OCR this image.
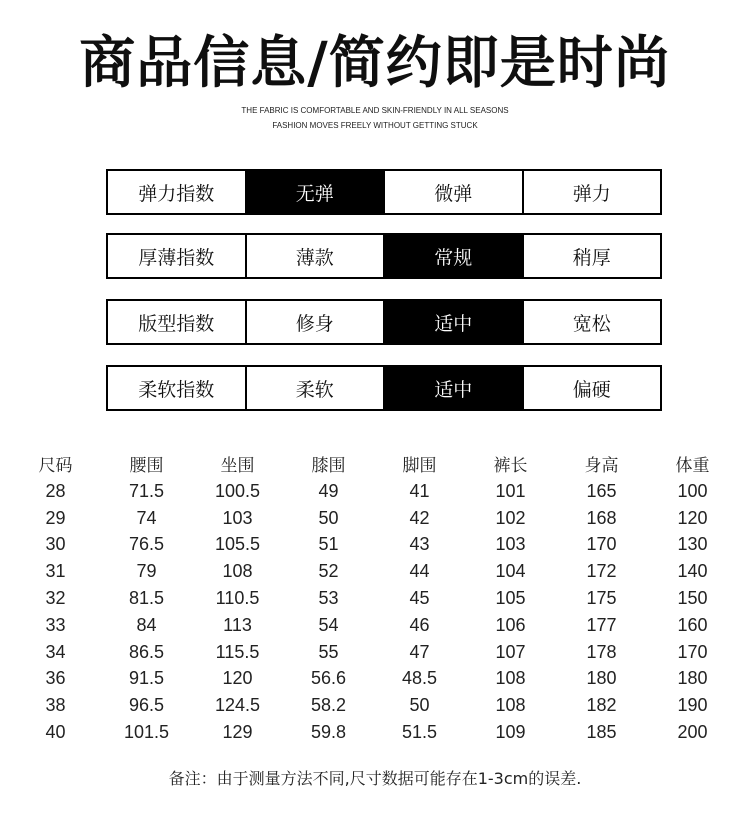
商品信息/简约即是时尚
THE FABRIC IS COMFORTABLE AND SKIN-FRIENDLY IN ALL SEASONS
FASHION MOVES FREELY WITHOUT GETTING STUCK
弹力指数	无弹	微弹	弹力
厚薄指数	薄款	常规	稍厚
版型指数	修身	适中	宽松
柔软指数	柔软	适中	偏硬
尺码	腰围	坐围	膝围	脚围	裤长	身高	体重
28	71.5	100.5	49	41	101	165	100
29	74	103	50	42	102	168	120
30	76.5	105.5	51	43	103	170	130
31	79	108	52	44	104	172	140
32	81.5	110.5	53	45	105	175	150
33	84	113	54	46	106	177	160
34	86.5	115.5	55	47	107	178	170
36	91.5	120	56.6	48.5	108	180	180
38	96.5	124.5	58.2	50	108	182	190
40	101.5	129	59.8	51.5	109	185	200
备注：由于测量方法不同,尺寸数据可能存在1-3cm的误差.
